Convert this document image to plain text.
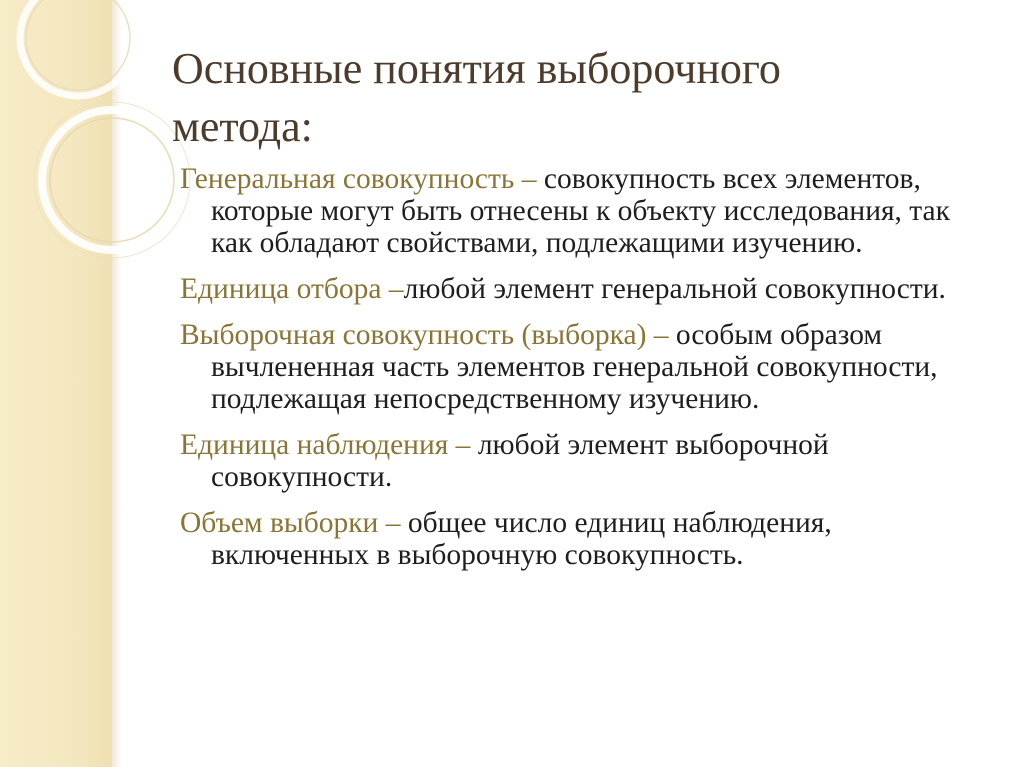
Основные понятия выборочного
метода:

Генеральная совокупность – совокупность всех элементов, которые могут быть отнесены к объекту исследования, так как обладают свойствами, подлежащими изучению.

Единица отбора –любой элемент генеральной совокупности.

Выборочная совокупность (выборка) – особым образом вычлененная часть элементов генеральной совокупности, подлежащая непосредственному изучению.

Единица наблюдения – любой элемент выборочной совокупности.

Объем выборки – общее число единиц наблюдения, включенных в выборочную совокупность.
